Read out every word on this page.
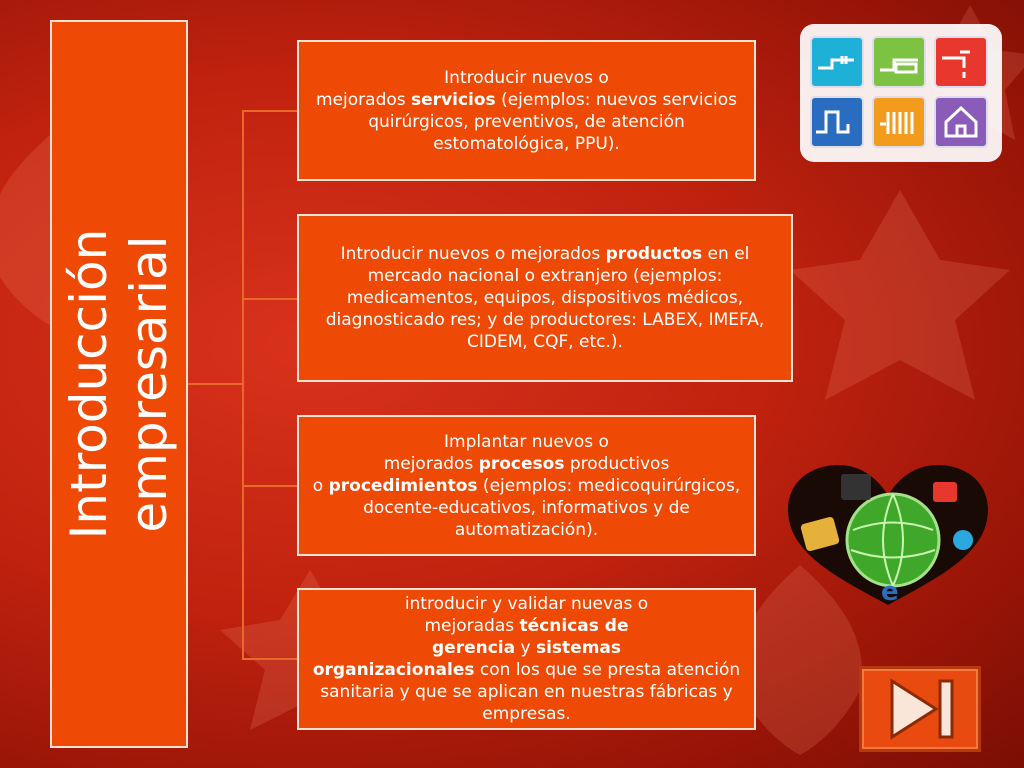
Introducción empresarial
Introducir nuevos o
mejorados servicios (ejemplos: nuevos servicios quirúrgicos, preventivos, de atención estomatológica, PPU).
Introducir nuevos o mejorados productos en el mercado nacional o extranjero (ejemplos: medicamentos, equipos, dispositivos médicos, diagnosticado res; y de productores: LABEX, IMEFA, CIDEM, CQF, etc.).
Implantar nuevos o
mejorados procesos productivos
o procedimientos (ejemplos: medicoquirúrgicos, docente-educativos, informativos y de automatización).
introducir y validar nuevas o
mejoradas técnicas de
gerencia y sistemas
organizacionales con los que se presta atención sanitaria y que se aplican en nuestras fábricas y empresas.
e
